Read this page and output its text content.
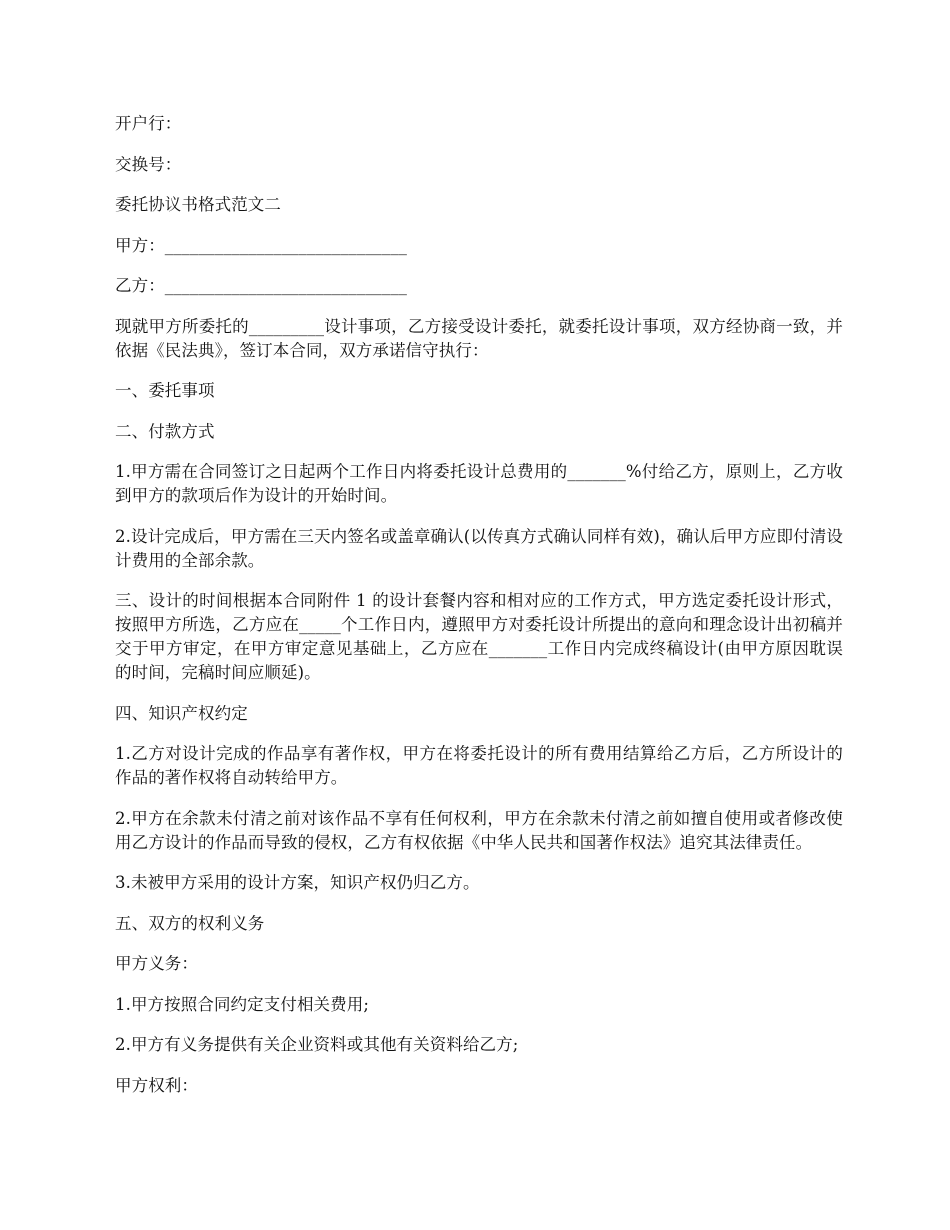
开户行：

交换号：

委托协议书格式范文二

甲方：_____________________________

乙方：_____________________________

现就甲方所委托的_________设计事项，乙方接受设计委托，就委托设计事项，双方经协商一致，并依据《民法典》，签订本合同，双方承诺信守执行：

一、委托事项

二、付款方式

1.甲方需在合同签订之日起两个工作日内将委托设计总费用的_______%付给乙方，原则上，乙方收到甲方的款项后作为设计的开始时间。

2.设计完成后，甲方需在三天内签名或盖章确认(以传真方式确认同样有效)，确认后甲方应即付清设计费用的全部余款。

三、设计的时间根据本合同附件 1 的设计套餐内容和相对应的工作方式，甲方选定委托设计形式，按照甲方所选，乙方应在_____个工作日内，遵照甲方对委托设计所提出的意向和理念设计出初稿并交于甲方审定，在甲方审定意见基础上，乙方应在_______工作日内完成终稿设计(由甲方原因耽误的时间，完稿时间应顺延)。

四、知识产权约定

1.乙方对设计完成的作品享有著作权，甲方在将委托设计的所有费用结算给乙方后，乙方所设计的作品的著作权将自动转给甲方。

2.甲方在余款未付清之前对该作品不享有任何权利，甲方在余款未付清之前如擅自使用或者修改使用乙方设计的作品而导致的侵权，乙方有权依据《中华人民共和国著作权法》追究其法律责任。

3.未被甲方采用的设计方案，知识产权仍归乙方。

五、双方的权利义务

甲方义务：

1.甲方按照合同约定支付相关费用;

2.甲方有义务提供有关企业资料或其他有关资料给乙方;

甲方权利：
